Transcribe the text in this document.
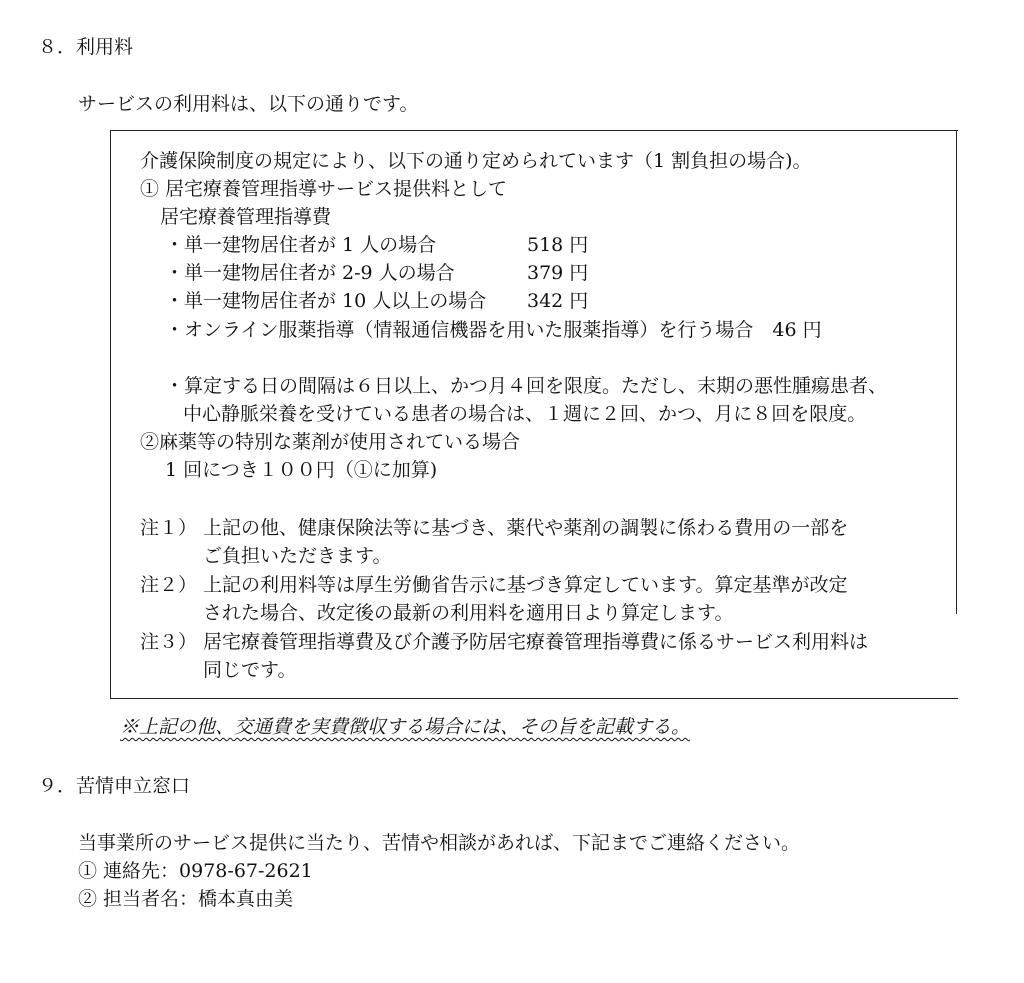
８．利用料
サービスの利用料は、以下の通りです。
介護保険制度の規定により、以下の通り定められています（1 割負担の場合)。
① 居宅療養管理指導サービス提供料として
居宅療養管理指導費
・単一建物居住者が 1 人の場合	518 円
・単一建物居住者が 2-9 人の場合	379 円
・単一建物居住者が 10 人以上の場合 342 円
・オンライン服薬指導（情報通信機器を用いた服薬指導）を行う場合　46 円
・算定する日の間隔は６日以上、かつ月４回を限度。ただし、末期の悪性腫瘍患者、
中心静脈栄養を受けている患者の場合は、１週に２回、かつ、月に８回を限度。
②麻薬等の特別な薬剤が使用されている場合
1 回につき１００円（①に加算)
注１） 上記の他、健康保険法等に基づき、薬代や薬剤の調製に係わる費用の一部を
ご負担いただきます。
注２） 上記の利用料等は厚生労働省告示に基づき算定しています。算定基準が改定
された場合、改定後の最新の利用料を適用日より算定します。
注３） 居宅療養管理指導費及び介護予防居宅療養管理指導費に係るサービス利用料は
同じです。
※上記の他、交通費を実費徴収する場合には、その旨を記載する。
９．苦情申立窓口
当事業所のサービス提供に当たり、苦情や相談があれば、下記までご連絡ください。
① 連絡先：0978-67-2621
② 担当者名：橋本真由美
